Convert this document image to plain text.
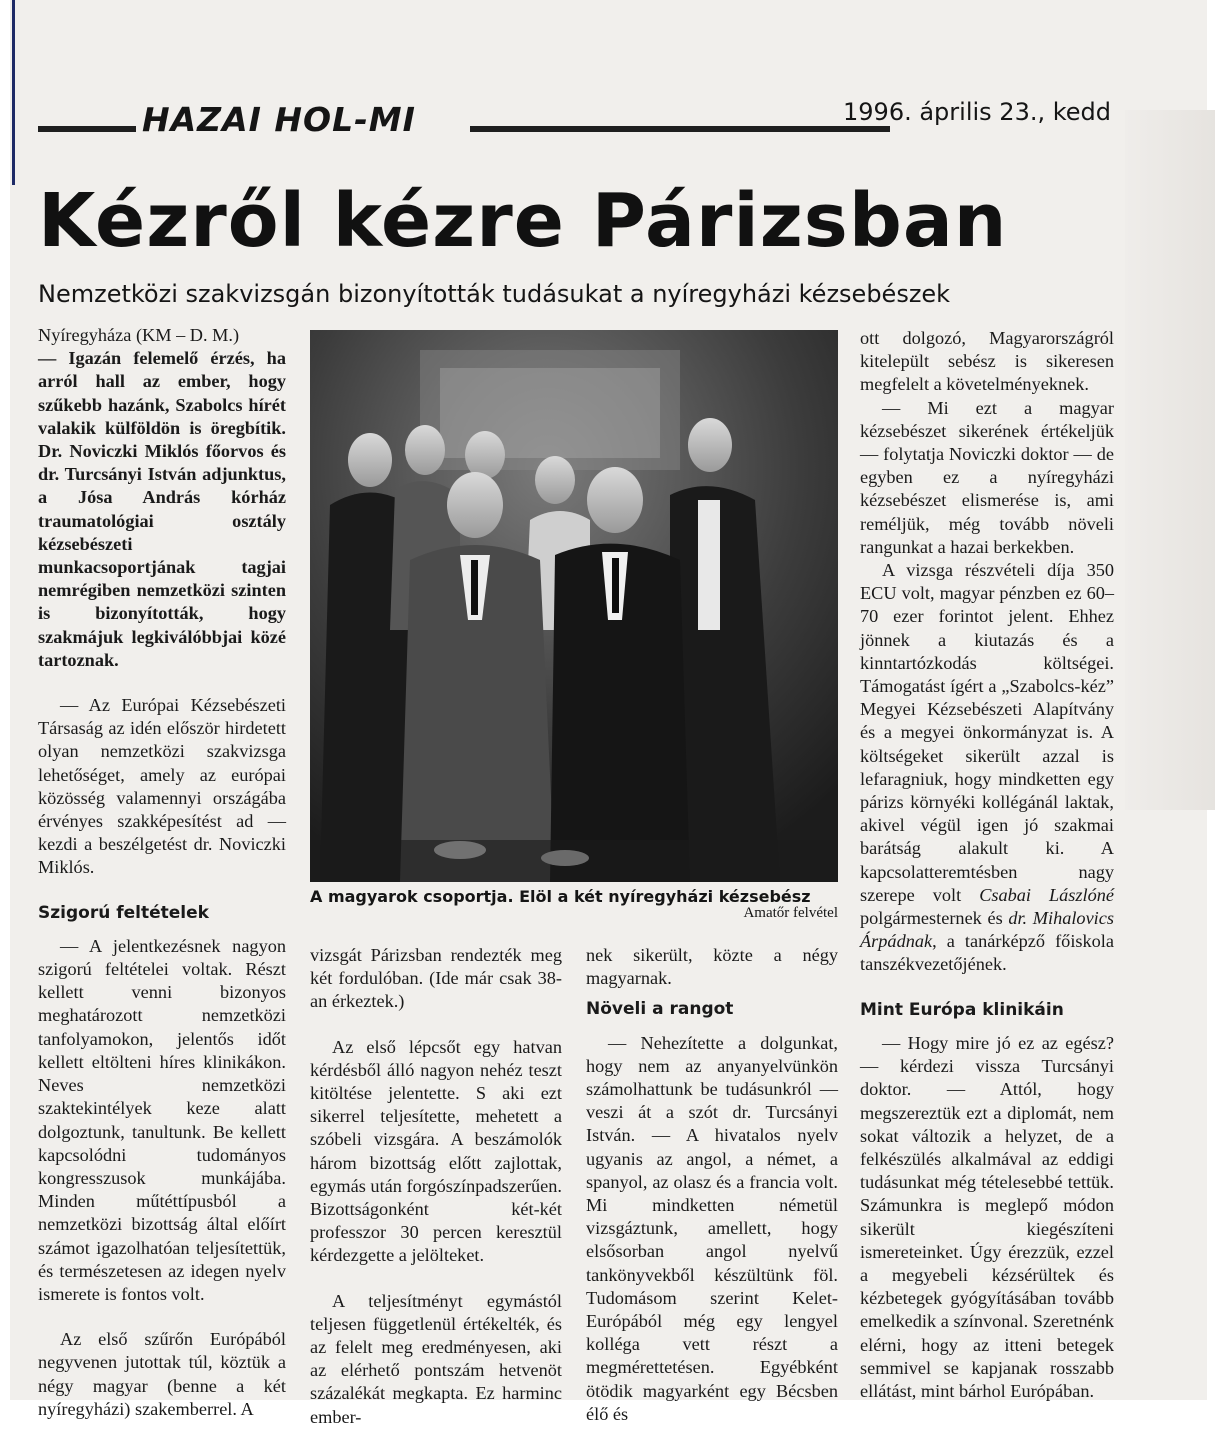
HAZAI HOL-MI	1996. április 23., kedd
Kézről kézre Párizsban
Nemzetközi szakvizsgán bizonyították tudásukat a nyíregyházi kézsebészek

Nyíregyháza (KM – D. M.)

— Igazán felemelő érzés, ha arról hall az ember, hogy szűkebb hazánk, Szabolcs hírét valakik külföldön is öregbítik. Dr. Noviczki Miklós főorvos és dr. Turcsányi István adjunktus, a Jósa András kórház traumatológiai osztály kézsebészeti munkacsoportjának tagjai nemrégiben nemzetközi szinten is bizonyították, hogy szakmájuk legkiválóbbjai közé tartoznak.

— Az Európai Kézsebészeti Társaság az idén először hirdetett olyan nemzetközi szakvizsga lehetőséget, amely az európai közösség valamennyi országába érvényes szakképesítést ad — kezdi a beszélgetést dr. Noviczki Miklós.

Szigorú feltételek

— A jelentkezésnek nagyon szigorú feltételei voltak. Részt kellett venni bizonyos meghatározott nemzetközi tanfolyamokon, jelentős időt kellett eltölteni híres klinikákon. Neves nemzetközi szaktekintélyek keze alatt dolgoztunk, tanultunk. Be kellett kapcsolódni tudományos kongresszusok munkájába. Minden műtéttípusból a nemzetközi bizottság által előírt számot igazolhatóan teljesítettük, és természetesen az idegen nyelv ismerete is fontos volt.

Az első szűrőn Európából negyvenen jutottak túl, köztük a négy magyar (benne a két nyíregyházi) szakemberrel. A

A magyarok csoportja. Elöl a két nyíregyházi kézsebész
Amatőr felvétel

vizsgát Párizsban rendezték meg két fordulóban. (Ide már csak 38-an érkeztek.)

Az első lépcsőt egy hatvan kérdésből álló nagyon nehéz teszt kitöltése jelentette. S aki ezt sikerrel teljesítette, mehetett a szóbeli vizsgára. A beszámolók három bizottság előtt zajlottak, egymás után forgószínpadszerűen. Bizottságonként két-két professzor 30 percen keresztül kérdezgette a jelölteket.

A teljesítményt egymástól teljesen függetlenül értékelték, és az felelt meg eredményesen, aki az elérhető pontszám hetvenöt százalékát megkapta. Ez harminc ember-

nek sikerült, közte a négy magyarnak.

Növeli a rangot

— Nehezítette a dolgunkat, hogy nem az anyanyelvünkön számolhattunk be tudásunkról — veszi át a szót dr. Turcsányi István. — A hivatalos nyelv ugyanis az angol, a német, a spanyol, az olasz és a francia volt. Mi mindketten németül vizsgáztunk, amellett, hogy elsősorban angol nyelvű tankönyvekből készültünk föl. Tudomásom szerint Kelet-Európából még egy lengyel kolléga vett részt a megmérettetésen. Egyébként ötödik magyarként egy Bécsben élő és

ott dolgozó, Magyarországról kitelepült sebész is sikeresen megfelelt a követelményeknek.

— Mi ezt a magyar kézsebészet sikerének értékeljük — folytatja Noviczki doktor — de egyben ez a nyíregyházi kézsebészet elismerése is, ami reméljük, még tovább növeli rangunkat a hazai berkekben.

A vizsga részvételi díja 350 ECU volt, magyar pénzben ez 60–70 ezer forintot jelent. Ehhez jönnek a kiutazás és a kinntartózkodás költségei. Támogatást ígért a „Szabolcs-kéz” Megyei Kézsebészeti Alapítvány és a megyei önkormányzat is. A költségeket sikerült azzal is lefaragniuk, hogy mindketten egy párizs környéki kollégánál laktak, akivel végül igen jó szakmai barátság alakult ki. A kapcsolatteremtésben nagy szerepe volt Csabai Lászlóné polgármesternek és dr. Mihalovics Árpádnak, a tanárképző főiskola tanszékvezetőjének.

Mint Európa klinikáin

— Hogy mire jó ez az egész? — kérdezi vissza Turcsányi doktor. — Attól, hogy megszereztük ezt a diplomát, nem sokat változik a helyzet, de a felkészülés alkalmával az eddigi tudásunkat még tételesebbé tettük. Számunkra is meglepő módon sikerült kiegészíteni ismereteinket. Úgy érezzük, ezzel a megyebeli kézsérültek és kézbetegek gyógyításában tovább emelkedik a színvonal. Szeretnénk elérni, hogy az itteni betegek semmivel se kapjanak rosszabb ellátást, mint bárhol Európában.
